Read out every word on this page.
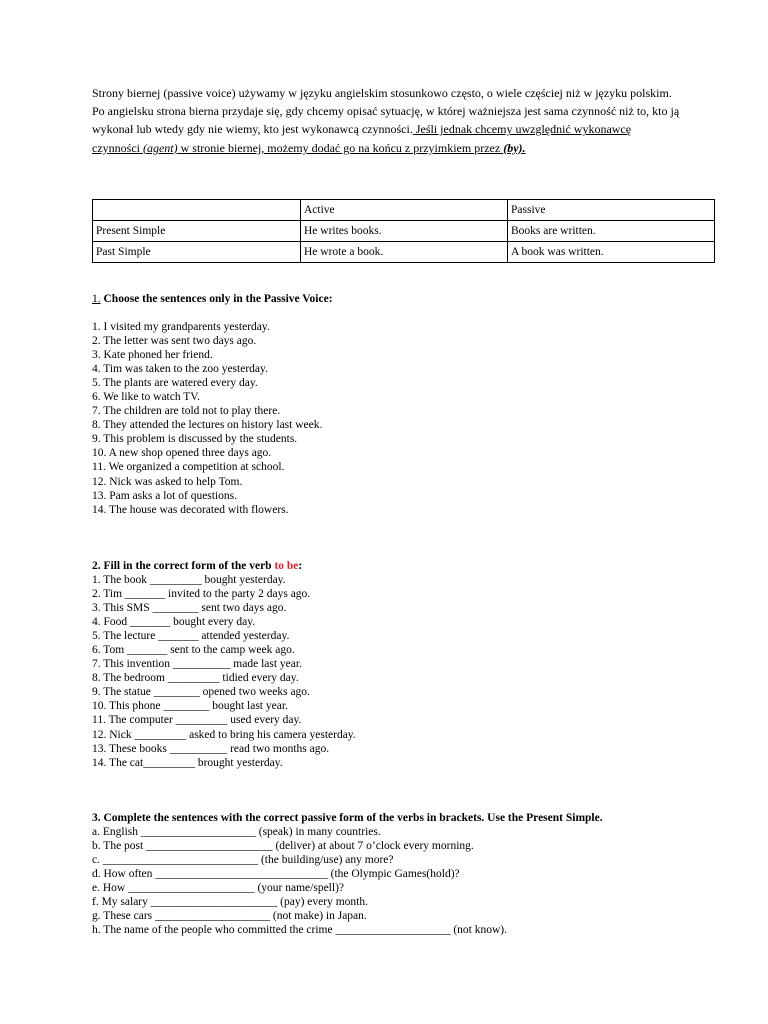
Strony biernej (passive voice) używamy w języku angielskim stosunkowo często, o wiele częściej niż w języku polskim. Po angielsku strona bierna przydaje się, gdy chcemy opisać sytuację, w której ważniejsza jest sama czynność niż to, kto ją wykonał lub wtedy gdy nie wiemy, kto jest wykonawcą czynności. Jeśli jednak chcemy uwzględnić wykonawcę czynności (agent) w stronie biernej, możemy dodać go na końcu z przyimkiem przez (by).

	Active	Passive
Present Simple	He writes books.	Books are written.
Past Simple	He wrote a book.	A book was written.

1. Choose the sentences only in the Passive Voice:

1. I visited my grandparents yesterday.
2. The letter was sent two days ago.
3. Kate phoned her friend.
4. Tim was taken to the zoo yesterday.
5. The plants are watered every day.
6. We like to watch TV.
7. The children are told not to play there.
8. They attended the lectures on history last week.
9. This problem is discussed by the students.
10. A new shop opened three days ago.
11. We organized a competition at school.
12. Nick was asked to help Tom.
13. Pam asks a lot of questions.
14. The house was decorated with flowers.

2. Fill in the correct form of the verb to be:

1. The book _________ bought yesterday.
2. Tim _______ invited to the party 2 days ago.
3. This SMS ________ sent two days ago.
4. Food _______ bought every day.
5. The lecture _______ attended yesterday.
6. Tom _______ sent to the camp week ago.
7. This invention __________ made last year.
8. The bedroom _________ tidied every day.
9. The statue ________ opened two weeks ago.
10. This phone ________ bought last year.
11. The computer _________ used every day.
12. Nick _________ asked to bring his camera yesterday.
13. These books __________ read two months ago.
14. The cat_________ brought yesterday.

3. Complete the sentences with the correct passive form of the verbs in brackets. Use the Present Simple.

a. English ____________________ (speak) in many countries.
b. The post ______________________ (deliver) at about 7 o’clock every morning.
c. ___________________________ (the building/use) any more?
d. How often ______________________________ (the Olympic Games(hold)?
e. How ______________________ (your name/spell)?
f. My salary ______________________ (pay) every month.
g. These cars ____________________ (not make) in Japan.
h. The name of the people who committed the crime ____________________ (not know).
